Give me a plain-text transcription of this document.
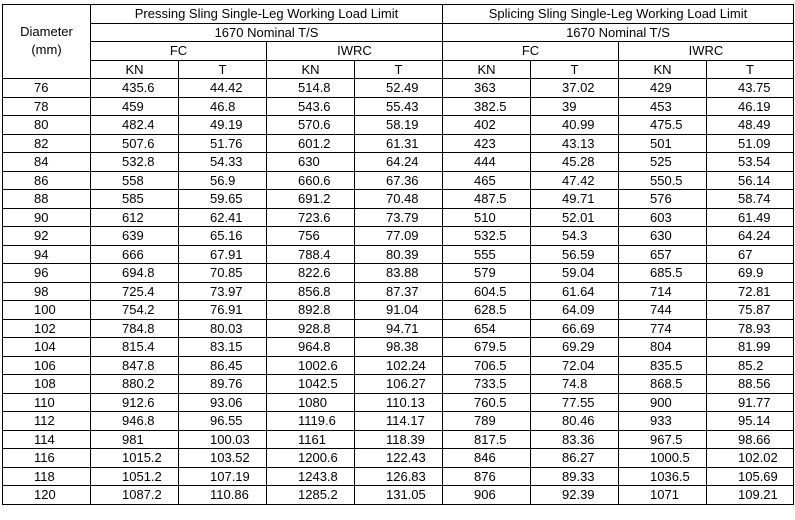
Diameter
(mm)	Pressing Sling Single-Leg Working Load Limit				Splicing Sling Single-Leg Working Load Limit			
	1670 Nominal T/S				1670 Nominal T/S			
	FC		IWRC		FC		IWRC	
	KN	T	KN	T	KN	T	KN	T
76	435.6	44.42	514.8	52.49	363	37.02	429	43.75
78	459	46.8	543.6	55.43	382.5	39	453	46.19
80	482.4	49.19	570.6	58.19	402	40.99	475.5	48.49
82	507.6	51.76	601.2	61.31	423	43.13	501	51.09
84	532.8	54.33	630	64.24	444	45.28	525	53.54
86	558	56.9	660.6	67.36	465	47.42	550.5	56.14
88	585	59.65	691.2	70.48	487.5	49.71	576	58.74
90	612	62.41	723.6	73.79	510	52.01	603	61.49
92	639	65.16	756	77.09	532.5	54.3	630	64.24
94	666	67.91	788.4	80.39	555	56.59	657	67
96	694.8	70.85	822.6	83.88	579	59.04	685.5	69.9
98	725.4	73.97	856.8	87.37	604.5	61.64	714	72.81
100	754.2	76.91	892.8	91.04	628.5	64.09	744	75.87
102	784.8	80.03	928.8	94.71	654	66.69	774	78.93
104	815.4	83.15	964.8	98.38	679.5	69.29	804	81.99
106	847.8	86.45	1002.6	102.24	706.5	72.04	835.5	85.2
108	880.2	89.76	1042.5	106.27	733.5	74.8	868.5	88.56
110	912.6	93.06	1080	110.13	760.5	77.55	900	91.77
112	946.8	96.55	1119.6	114.17	789	80.46	933	95.14
114	981	100.03	1161	118.39	817.5	83.36	967.5	98.66
116	1015.2	103.52	1200.6	122.43	846	86.27	1000.5	102.02
118	1051.2	107.19	1243.8	126.83	876	89.33	1036.5	105.69
120	1087.2	110.86	1285.2	131.05	906	92.39	1071	109.21
